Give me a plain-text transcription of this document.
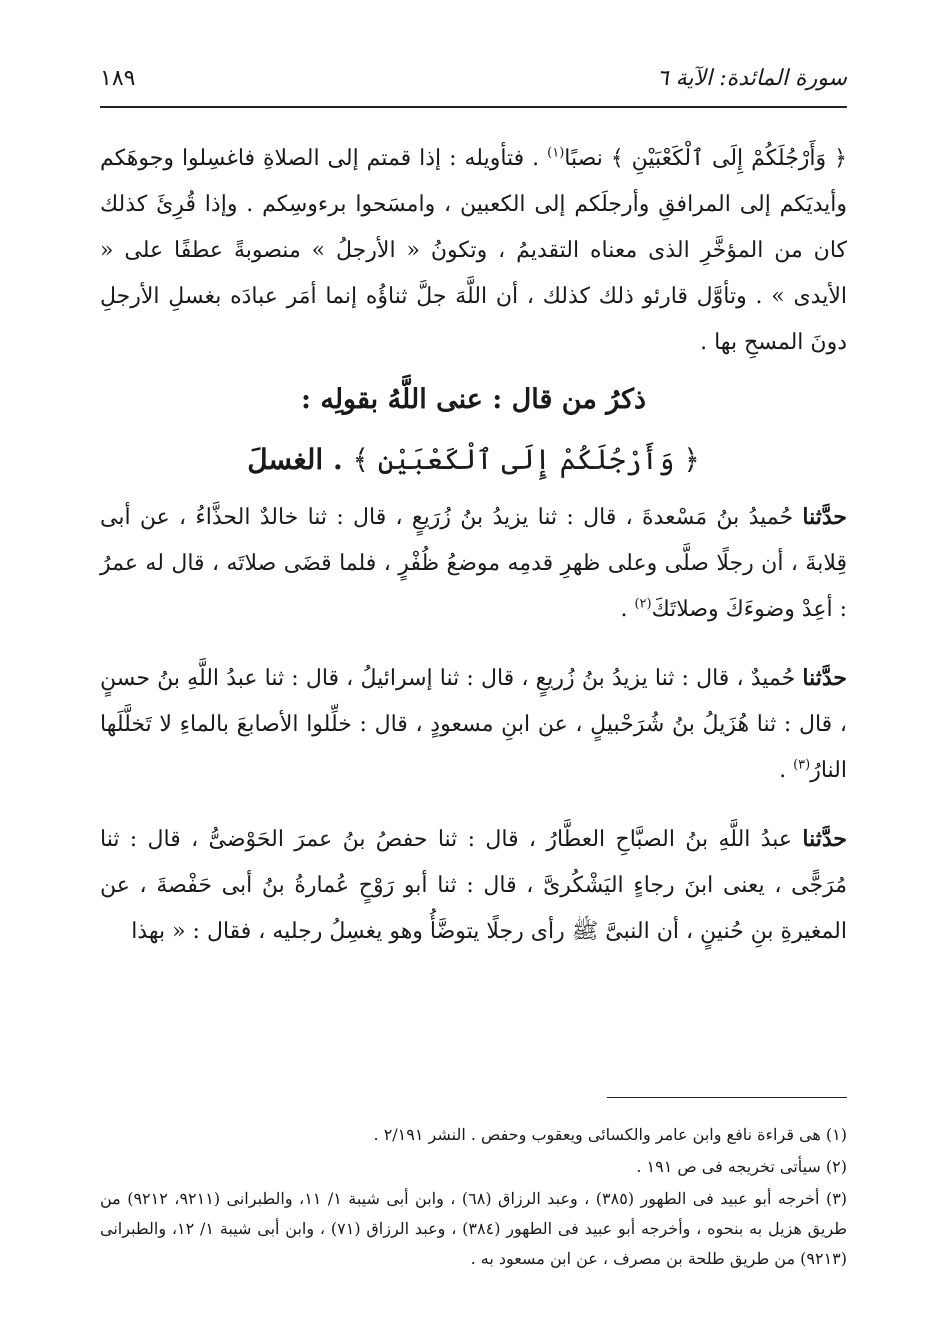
سورة المائدة: الآية ٦
١٨٩

﴿ وَأَرْجُلَكُمْ إِلَى ٱلْكَعْبَيْنِ ﴾ نصبًا$^{(١)}$ . فتأويله : إذا قمتم إلى الصلاةِ فاغسِلوا وجوهَكم وأيديَكم إلى المرافقِ وأرجلَكم إلى الكعبين ، وامسَحوا برءوسِكم . وإذا قُرِئَ كذلك كان من المؤخَّرِ الذى معناه التقديمُ ، وتكونُ « الأرجلُ » منصوبةً عطفًا على « الأيدى » . وتأوَّل قارئو ذلك كذلك ، أن اللَّهَ جلَّ ثناؤُه إنما أمَر عبادَه بغسلِ الأرجلِ دونَ المسحِ بها .

ذكرُ من قال : عنى اللَّهُ بقولِه :
﴿ وَأَرْجُلَكُمْ إِلَى ٱلْكَعْبَيْنِ ﴾ . الغسلَ

حدَّثنا حُميدُ بنُ مَسْعدةَ ، قال : ثنا يزيدُ بنُ زُرَيعٍ ، قال : ثنا خالدٌ الحذَّاءُ ، عن أبى قِلابةَ ، أن رجلًا صلَّى وعلى ظهرِ قدمِه موضعُ ظُفْرٍ ، فلما قضَى صلاتَه ، قال له عمرُ : أعِدْ وضوءَكَ وصلاتَكَ$^{(٢)}$ .

حدَّثنا حُميدٌ ، قال : ثنا يزيدُ بنُ زُريعٍ ، قال : ثنا إسرائيلُ ، قال : ثنا عبدُ اللَّهِ بنُ حسنٍ ، قال : ثنا هُزَيلُ بنُ شُرَحْبيلٍ ، عن ابنِ مسعودٍ ، قال : خلِّلوا الأصابعَ بالماءِ لا تَخلَّلَها النارُ$^{(٣)}$ .

حدَّثنا عبدُ اللَّهِ بنُ الصبَّاحِ العطَّارُ ، قال : ثنا حفصُ بنُ عمرَ الحَوْضىُّ ، قال : ثنا مُرَجًّى ، يعنى ابنَ رجاءٍ اليَشْكُرىَّ ، قال : ثنا أبو رَوْحٍ عُمارةُ بنُ أبى حَفْصةَ ، عن المغيرةِ بنِ حُنينٍ ، أن النبىَّ ﷺ رأى رجلًا يتوضَّأُ وهو يغسِلُ رجليه ، فقال : « بهذا

(١) هى قراءة نافع وابن عامر والكسائى ويعقوب وحفص . النشر ٢/١٩١ .
(٢) سيأتى تخريجه فى ص ١٩١ .
(٣) أخرجه أبو عبيد فى الطهور (٣٨٥) ، وعبد الرزاق (٦٨) ، وابن أبى شيبة ١/ ١١، والطبرانى (٩٢١١، ٩٢١٢) من طريق هزيل به بنحوه ، وأخرجه أبو عبيد فى الطهور (٣٨٤) ، وعبد الرزاق (٧١) ، وابن أبى شيبة ١/ ١٢، والطبرانى (٩٢١٣) من طريق طلحة بن مصرف ، عن ابن مسعود به .
